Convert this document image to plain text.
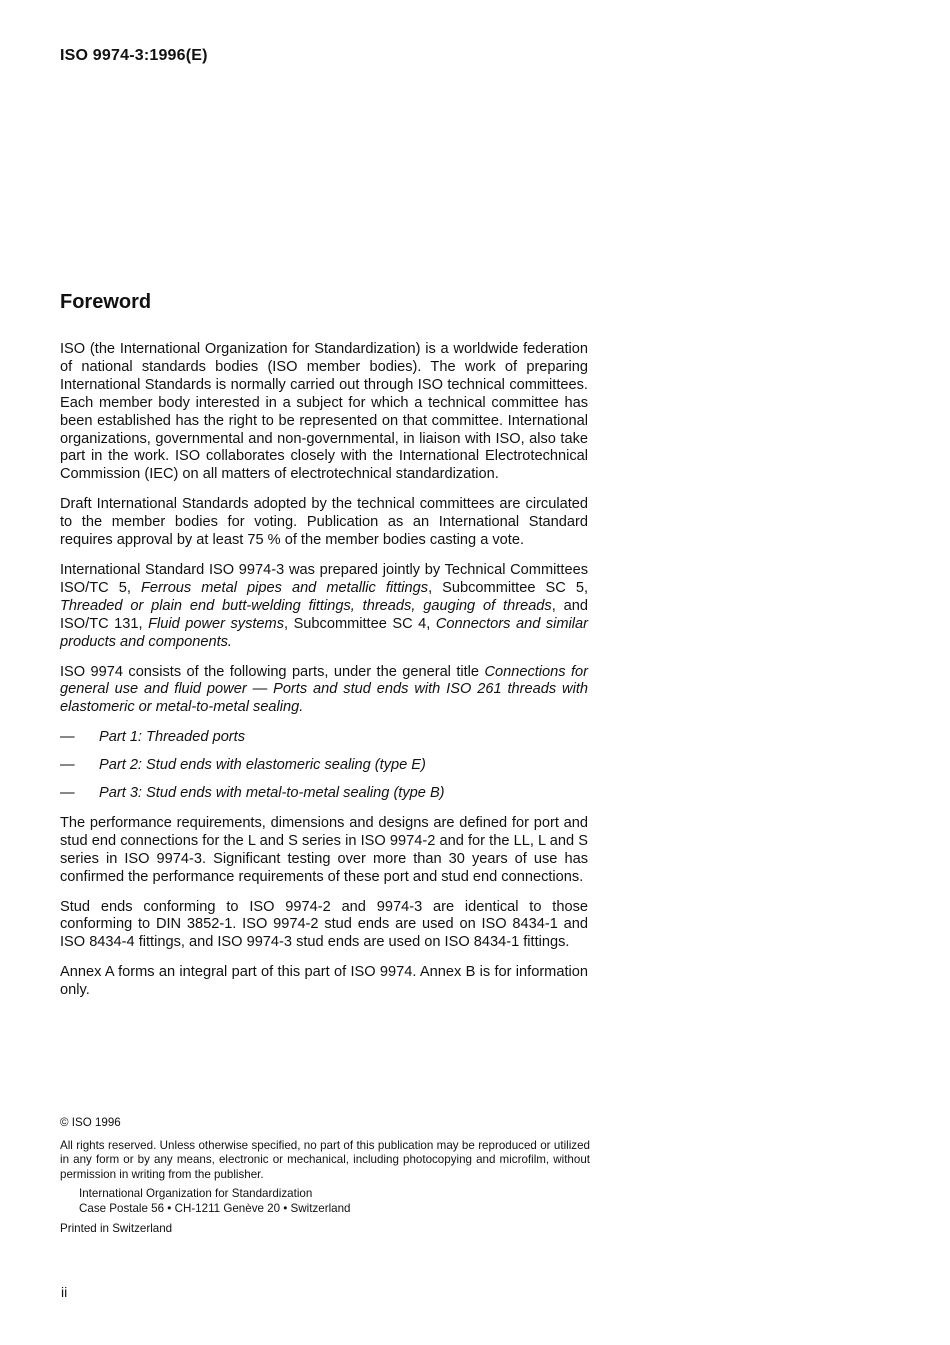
ISO 9974-3:1996(E)
Foreword

ISO (the International Organization for Standardization) is a worldwide federation of national standards bodies (ISO member bodies). The work of preparing International Standards is normally carried out through ISO technical committees. Each member body interested in a subject for which a technical committee has been established has the right to be represented on that committee. International organizations, governmental and non-governmental, in liaison with ISO, also take part in the work. ISO collaborates closely with the International Electrotechnical Commission (IEC) on all matters of electrotechnical standardization.

Draft International Standards adopted by the technical committees are circulated to the member bodies for voting. Publication as an International Standard requires approval by at least 75 % of the member bodies casting a vote.

International Standard ISO 9974-3 was prepared jointly by Technical Committees ISO/TC 5, Ferrous metal pipes and metallic fittings, Subcommittee SC 5, Threaded or plain end butt-welding fittings, threads, gauging of threads, and ISO/TC 131, Fluid power systems, Subcommittee SC 4, Connectors and similar products and components.

ISO 9974 consists of the following parts, under the general title Connections for general use and fluid power — Ports and stud ends with ISO 261 threads with elastomeric or metal-to-metal sealing.

—	Part 1: Threaded ports
—	Part 2: Stud ends with elastomeric sealing (type E)
—	Part 3: Stud ends with metal-to-metal sealing (type B)

The performance requirements, dimensions and designs are defined for port and stud end connections for the L and S series in ISO 9974-2 and for the LL, L and S series in ISO 9974-3. Significant testing over more than 30 years of use has confirmed the performance requirements of these port and stud end connections.

Stud ends conforming to ISO 9974-2 and 9974-3 are identical to those conforming to DIN 3852-1. ISO 9974-2 stud ends are used on ISO 8434-1 and ISO 8434-4 fittings, and ISO 9974-3 stud ends are used on ISO 8434-1 fittings.

Annex A forms an integral part of this part of ISO 9974. Annex B is for information only.

© ISO 1996
All rights reserved. Unless otherwise specified, no part of this publication may be reproduced or utilized in any form or by any means, electronic or mechanical, including photocopying and microfilm, without permission in writing from the publisher.
International Organization for Standardization
Case Postale 56 • CH-1211 Genève 20 • Switzerland
Printed in Switzerland
ii
